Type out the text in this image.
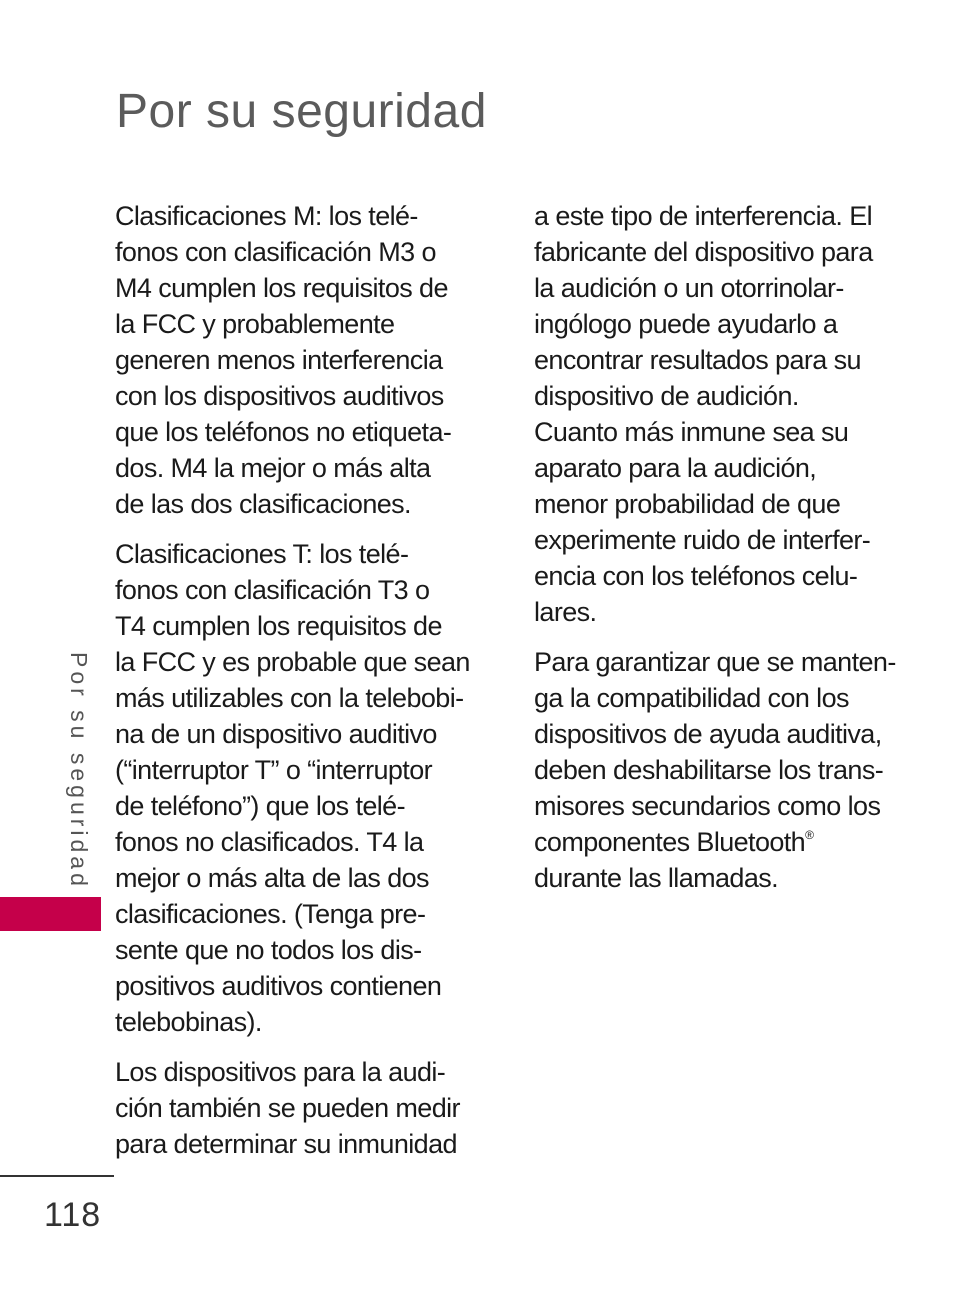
Por su seguridad

Clasificaciones M: los telé-
fonos con clasificación M3 o
M4 cumplen los requisitos de
la FCC y probablemente
generen menos interferencia
con los dispositivos auditivos
que los teléfonos no etiqueta-
dos. M4 la mejor o más alta
de las dos clasificaciones.

Clasificaciones T: los telé-
fonos con clasificación T3 o
T4 cumplen los requisitos de
la FCC y es probable que sean
más utilizables con la telebobi-
na de un dispositivo auditivo
(“interruptor T” o “interruptor
de teléfono”) que los telé-
fonos no clasificados. T4 la
mejor o más alta de las dos
clasificaciones. (Tenga pre-
sente que no todos los dis-
positivos auditivos contienen
telebobinas).

Los dispositivos para la audi-
ción también se pueden medir
para determinar su inmunidad

a este tipo de interferencia. El
fabricante del dispositivo para
la audición o un otorrinolar-
ingólogo puede ayudarlo a
encontrar resultados para su
dispositivo de audición.
Cuanto más inmune sea su
aparato para la audición,
menor probabilidad de que
experimente ruido de interfer-
encia con los teléfonos celu-
lares.

Para garantizar que se manten-
ga la compatibilidad con los
dispositivos de ayuda auditiva,
deben deshabilitarse los trans-
misores secundarios como los
componentes Bluetooth®
durante las llamadas.

Por su seguridad
118
